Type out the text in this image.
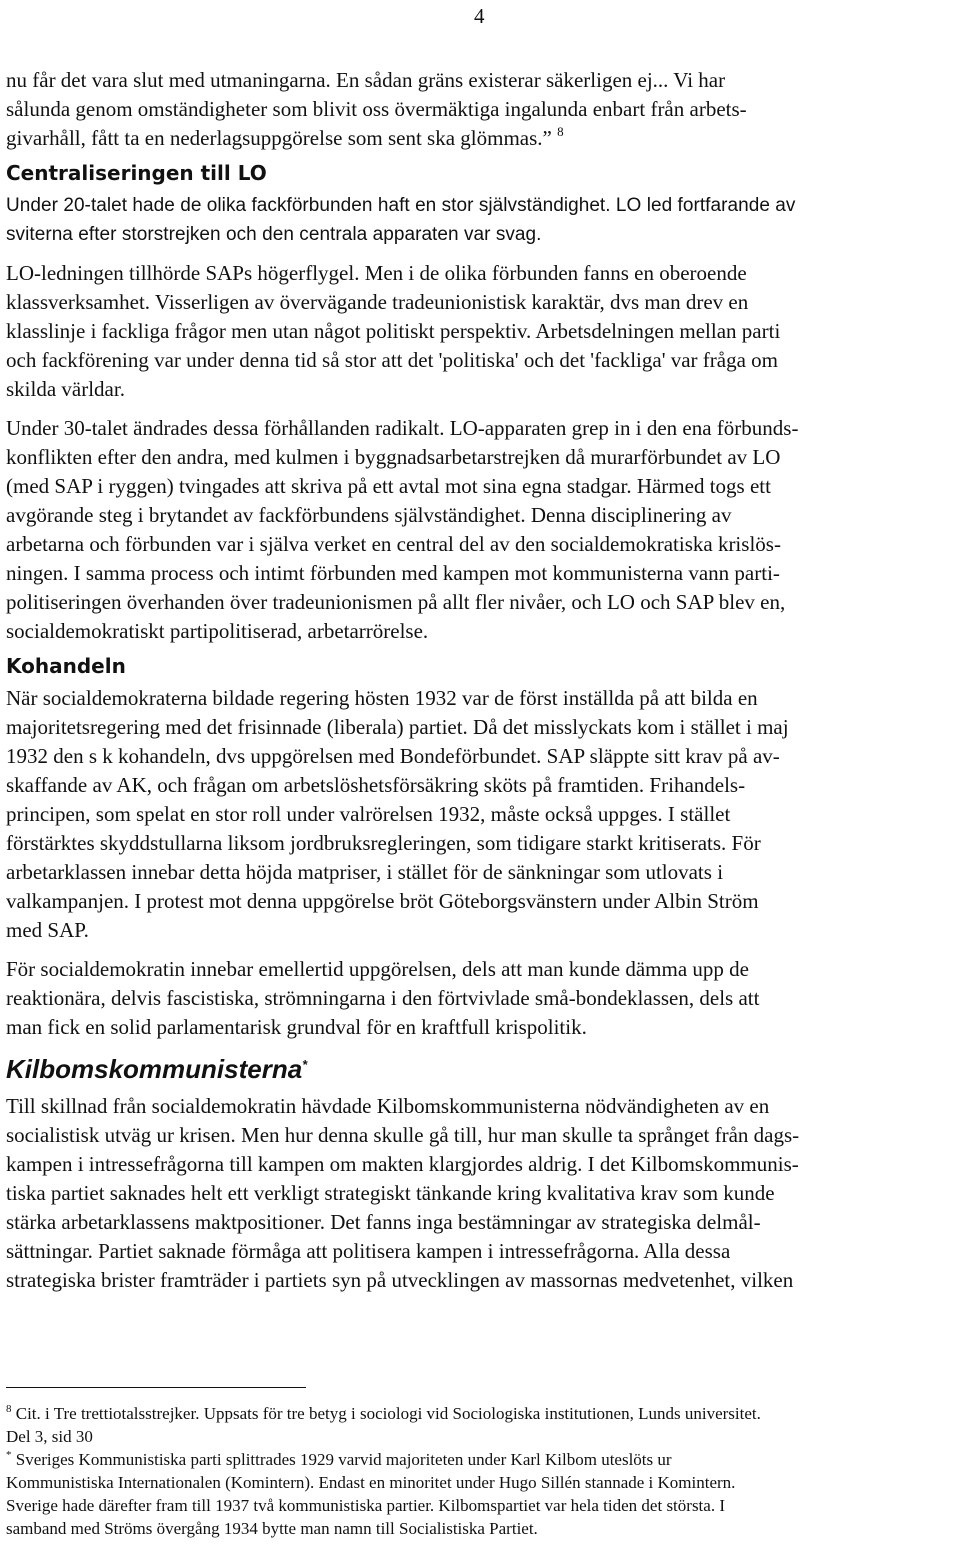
4
nu får det vara slut med utmaningarna. En sådan gräns existerar säkerligen ej... Vi har
sålunda genom omständigheter som blivit oss övermäktiga ingalunda enbart från arbets-
givarhåll, fått ta en nederlagsuppgörelse som sent ska glömmas.” $^8$
Centraliseringen till LO
Under 20-talet hade de olika fackförbunden haft en stor självständighet. LO led fortfarande av
sviterna efter storstrejken och den centrala apparaten var svag.
LO-ledningen tillhörde SAPs högerflygel. Men i de olika förbunden fanns en oberoende
klassverksamhet. Visserligen av övervägande tradeunionistisk karaktär, dvs man drev en
klasslinje i fackliga frågor men utan något politiskt perspektiv. Arbetsdelningen mellan parti
och fackförening var under denna tid så stor att det 'politiska' och det 'fackliga' var fråga om
skilda världar.
Under 30-talet ändrades dessa förhållanden radikalt. LO-apparaten grep in i den ena förbunds-
konflikten efter den andra, med kulmen i byggnadsarbetarstrejken då murarförbundet av LO
(med SAP i ryggen) tvingades att skriva på ett avtal mot sina egna stadgar. Härmed togs ett
avgörande steg i brytandet av fackförbundens självständighet. Denna disciplinering av
arbetarna och förbunden var i själva verket en central del av den socialdemokratiska krislös-
ningen. I samma process och intimt förbunden med kampen mot kommunisterna vann parti-
politiseringen överhanden över tradeunionismen på allt fler nivåer, och LO och SAP blev en,
socialdemokratiskt partipolitiserad, arbetarrörelse.
Kohandeln
När socialdemokraterna bildade regering hösten 1932 var de först inställda på att bilda en
majoritetsregering med det frisinnade (liberala) partiet. Då det misslyckats kom i stället i maj
1932 den s k kohandeln, dvs uppgörelsen med Bondeförbundet. SAP släppte sitt krav på av-
skaffande av AK, och frågan om arbetslöshetsförsäkring sköts på framtiden. Frihandels-
principen, som spelat en stor roll under valrörelsen 1932, måste också uppges. I stället
förstärktes skyddstullarna liksom jordbruksregleringen, som tidigare starkt kritiserats. För
arbetarklassen innebar detta höjda matpriser, i stället för de sänkningar som utlovats i
valkampanjen. I protest mot denna uppgörelse bröt Göteborgsvänstern under Albin Ström
med SAP.
För socialdemokratin innebar emellertid uppgörelsen, dels att man kunde dämma upp de
reaktionära, delvis fascistiska, strömningarna i den förtvivlade små-bondeklassen, dels att
man fick en solid parlamentarisk grundval för en kraftfull krispolitik.
Kilbomskommunisterna*
Till skillnad från socialdemokratin hävdade Kilbomskommunisterna nödvändigheten av en
socialistisk utväg ur krisen. Men hur denna skulle gå till, hur man skulle ta språnget från dags-
kampen i intressefrågorna till kampen om makten klargjordes aldrig. I det Kilbomskommunis-
tiska partiet saknades helt ett verkligt strategiskt tänkande kring kvalitativa krav som kunde
stärka arbetarklassens maktpositioner. Det fanns inga bestämningar av strategiska delmål-
sättningar. Partiet saknade förmåga att politisera kampen i intressefrågorna. Alla dessa
strategiska brister framträder i partiets syn på utvecklingen av massornas medvetenhet, vilken
$^8$ Cit. i Tre trettiotalsstrejker. Uppsats för tre betyg i sociologi vid Sociologiska institutionen, Lunds universitet.
Del 3, sid 30
* Sveriges Kommunistiska parti splittrades 1929 varvid majoriteten under Karl Kilbom uteslöts ur
Kommunistiska Internationalen (Komintern). Endast en minoritet under Hugo Sillén stannade i Komintern.
Sverige hade därefter fram till 1937 två kommunistiska partier. Kilbomspartiet var hela tiden det största. I
samband med Ströms övergång 1934 bytte man namn till Socialistiska Partiet.
